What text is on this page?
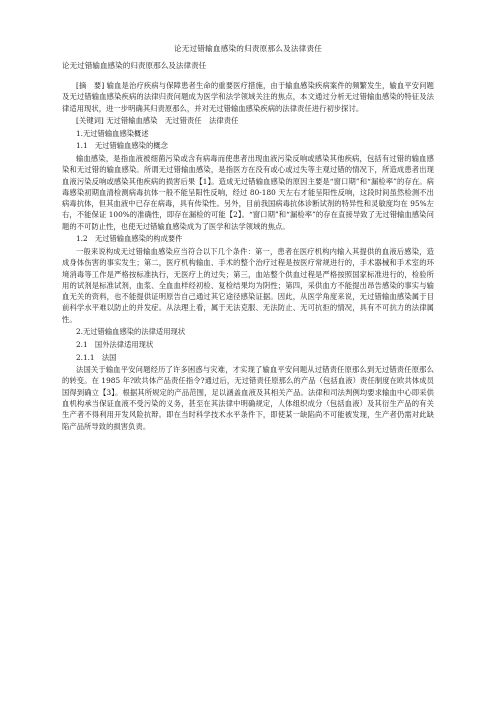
论无过错输血感染的归责原那么及法律责任
论无过错输血感染的归责原那么及法律责任

[摘　要] 输血是治疗疾病与保障患者生命的重要医疗措施，由于输血感染疾病案件的频繁发生，输血平安问题及无过错输血感染疾病的法律归责问题成为医学和法学领域关注的焦点，本文通过分析无过错输血感染的特征及法律适用现状，进一步明确其归责原那么，并对无过错输血感染疾病的法律责任进行初步探讨。

[关键词] 无过错输血感染　无过错责任　法律责任

1.无过错输血感染概述
1.1　无过错输血感染的概念

输血感染，是指血液被细菌污染或含有病毒而使患者出现血液污染反响或感染其他疾病，包括有过错的输血感染和无过错的输血感染。所谓无过错输血感染，是指医方在没有或心或过失等主观过错的情况下，所造成患者出现血液污染反响或感染其他疾病的损害后果【1】。造成无过错输血感染的原因主要是“窗口期”和“漏检率”的存在。病毒感染初期血清检测病毒抗体一般不能呈阳性反响，经过 80-180 天左右才能呈阳性反响，这段时间虽然检测不出病毒抗体，但其血液中已存在病毒，具有传染性。另外，目前我国病毒抗体诊断试剂的特异性和灵敏度均在 95%左右，不能保证 100%的准确性，即存在漏检的可能【2】。“窗口期”和“漏检率”的存在直接导致了无过错输血感染问题的不可防止性，也使无过错输血感染成为了医学和法学领域的焦点。

1.2　无过错输血感染的构成要件

一般来说构成无过错输血感染应当符合以下几个条件：第一，患者在医疗机构内输入其提供的血液后感染，造成身体伤害的事实发生；第二，医疗机构输血、手术的整个治疗过程是按医疗常规进行的，手术器械和手术室的环境消毒等工作是严格按标准执行，无医疗上的过失；第三，血站整个供血过程是严格按照国家标准进行的，检验所用的试剂是标准试剂，血浆、全血血样经初检、复检结果均为阴性；第四，采供血方不能提出昂告感染的事实与输血无关的资料，也不能提供证明原告自己通过其它途径感染证据。因此，从医学角度来说，无过错输血感染属于目前科学水平难以防止的并发症。从法理上看，属于无法克服、无法防止、无可抗拒的情况，具有不可抗力的法律属性。

2.无过错输血感染的法律适用现状
2.1　国外法律适用现状
2.1.1　法国

法国关于输血平安问题经历了许多困惑与灾难，才实现了输血平安问题从过错责任原那么到无过错责任原那么的转变。在 1985 年?欧共体产品责任指令?通过后，无过错责任原那么的产品（包括血液）责任制度在欧共体成员国得到确立【3】。根据其所规定的产品范围，足以涵盖血液及其相关产品。法律和司法判例均要求输血中心即采供血机构承当保证血液不受污染的义务，甚至在其法律中明确规定，人体组织成分（包括血液）及其衍生产品的有关生产者不得利用开发风险抗辩。即在当时科学技术水平条件下，即使某一缺陷尚不可能被发现，生产者仍需对此缺陷产品所导致的损害负责。
